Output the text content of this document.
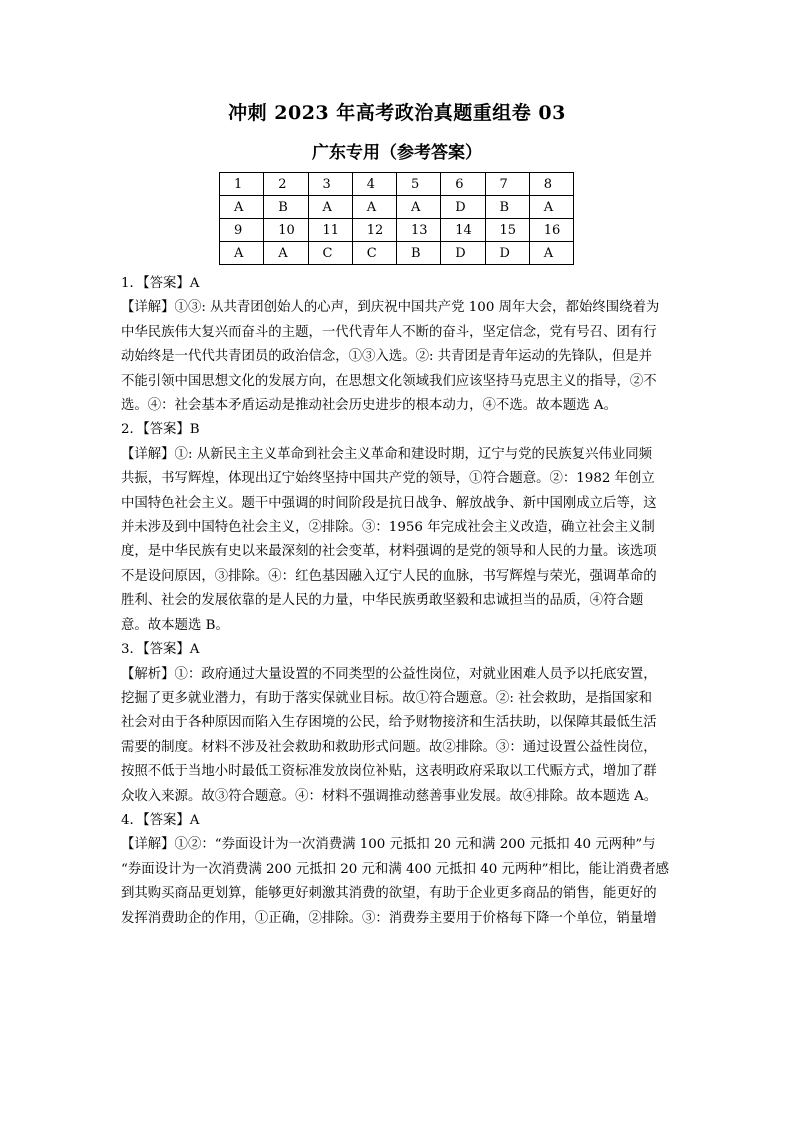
冲刺 2023 年高考政治真题重组卷 03
广东专用（参考答案）
1	2	3	4	5	6	7	8
A	B	A	A	A	D	B	A
9	10	11	12	13	14	15	16
A	A	C	C	B	D	D	A

1．【答案】A

【详解】①③: 从共青团创始人的心声，到庆祝中国共产党 100 周年大会，都始终围绕着为

中华民族伟大复兴而奋斗的主题，一代代青年人不断的奋斗，坚定信念，党有号召、团有行

动始终是一代代共青团员的政治信念，①③入选。②: 共青团是青年运动的先锋队，但是并

不能引领中国思想文化的发展方向，在思想文化领域我们应该坚持马克思主义的指导，②不

选。④：社会基本矛盾运动是推动社会历史进步的根本动力，④不选。故本题选 A。

2．【答案】B

【详解】①: 从新民主主义革命到社会主义革命和建设时期，辽宁与党的民族复兴伟业同频

共振，书写辉煌，体现出辽宁始终坚持中国共产党的领导，①符合题意。②：1982 年创立

中国特色社会主义。题干中强调的时间阶段是抗日战争、解放战争、新中国刚成立后等，这

并未涉及到中国特色社会主义，②排除。③：1956 年完成社会主义改造，确立社会主义制

度，是中华民族有史以来最深刻的社会变革，材料强调的是党的领导和人民的力量。该选项

不是设问原因，③排除。④：红色基因融入辽宁人民的血脉，书写辉煌与荣光，强调革命的

胜利、社会的发展依靠的是人民的力量，中华民族勇敢坚毅和忠诚担当的品质，④符合题

意。故本题选 B。

3．【答案】A

【解析】①：政府通过大量设置的不同类型的公益性岗位，对就业困难人员予以托底安置，

挖掘了更多就业潜力，有助于落实保就业目标。故①符合题意。②: 社会救助，是指国家和

社会对由于各种原因而陷入生存困境的公民，给予财物接济和生活扶助，以保障其最低生活

需要的制度。材料不涉及社会救助和救助形式问题。故②排除。③：通过设置公益性岗位，

按照不低于当地小时最低工资标准发放岗位补贴，这表明政府采取以工代赈方式，增加了群

众收入来源。故③符合题意。④：材料不强调推动慈善事业发展。故④排除。故本题选 A。

4．【答案】A

【详解】①②：“券面设计为一次消费满 100 元抵扣 20 元和满 200 元抵扣 40 元两种”与

“券面设计为一次消费满 200 元抵扣 20 元和满 400 元抵扣 40 元两种”相比，能让消费者感

到其购买商品更划算，能够更好刺激其消费的欲望，有助于企业更多商品的销售，能更好的

发挥消费助企的作用，①正确，②排除。③：消费券主要用于价格每下降一个单位，销量增
